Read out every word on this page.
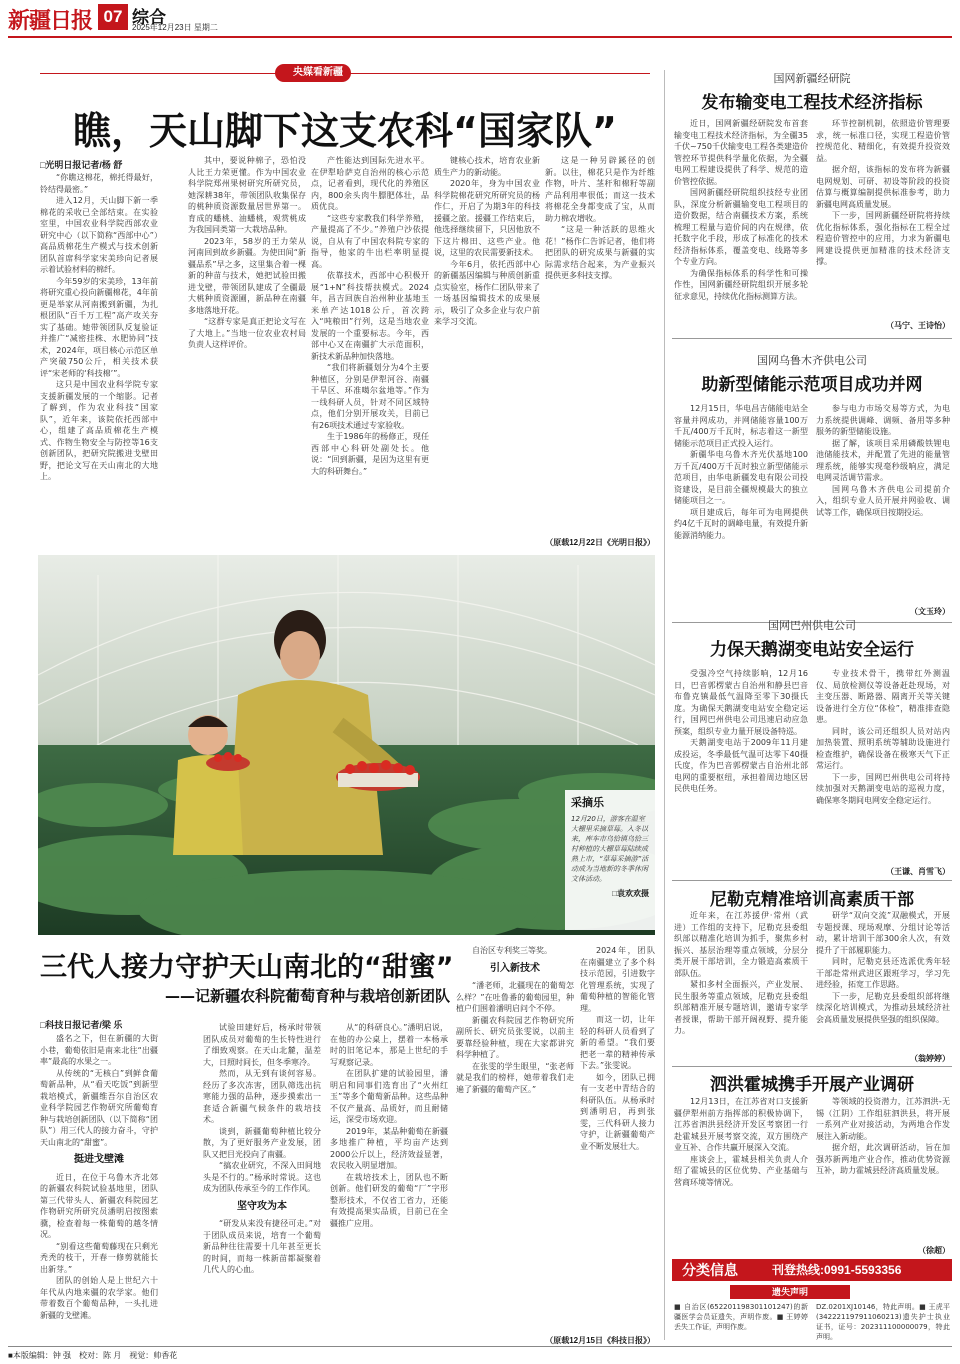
新疆日报 07 综合
2025年12月23日 星期二
央媒看新疆
瞧，天山脚下这支农科“国家队”
□光明日报记者/杨 舒

“你瞧这棉花，棉托得最好，铃结得最密。”

进入12月，天山脚下新一季棉花的采收已全部结束。在实验室里，中国农业科学院西部农业研究中心（以下简称“西部中心”）高品质棉花生产模式与技术创新团队首席科学家宋美珍向记者展示着试验材料的棉纤。

今年59岁的宋美珍，13年前将研究重心投向新疆棉花，4年前更是举家从河南搬到新疆，为扎根团队“百千万工程”高产攻关夯实了基础。她带领团队反复验证并推广“减密挂株、水肥协同”技术，2024年，项目核心示范区单产突破750公斤，相关技术获评“宋老师的‘科技棉’”。

这只是中国农业科学院专家支援新疆发展的一个缩影。记者了解到，作为农业科技“国家队”，近年来，该院依托西部中心，组建了高品质棉花生产模式、作物生物安全与防控等16支创新团队，把研究院搬进戈壁田野，把论文写在天山南北的大地上。

其中，要说种棉子，恐怕没人比王力荣更懂。作为中国农业科学院郑州果树研究所研究员，她深耕38年，带领团队收集保存的桃种质资源数量居世界第一。育成的蟠桃、油蟠桃，观赏桃成为我国同类第一大栽培品种。

2023年，58岁的王力荣从河南回到故乡新疆。为使田间“新疆品系”早之多，这里集合着一棵新的种苗与技术，她把试验田搬进戈壁，带领团队建成了全疆最大桃种质资源圃，新品种在南疆多地落地开花。

“这群专家是真正把论文写在了大地上。”当地一位农业农村局负责人这样评价。

产性能达到国际先进水平。在伊犁哈萨克自治州的核心示范点，记者看到，现代化的养殖区内，800余头肉牛膘肥体壮，品质优良。

“这些专家教我们科学养殖，产量提高了不少。”养殖户沙依提说，自从有了中国农科院专家的指导，他家的牛出栏率明显提高。

依靠技术，西部中心积极开展“1+N”科技帮扶模式。2024年，昌吉回族自治州种业基地玉米单产达1018公斤，首次跨入“吨粮田”行列，这是当地农业发展的一个重要标志。今年，西部中心又在南疆扩大示范面积，新技术新品种加快落地。

“我们将新疆划分为4个主要种植区，分别是伊犁河谷、南疆干旱区、环准噶尔盆地等。”作为一线科研人员，针对不同区域特点，他们分别开展攻关，目前已有26项技术通过专家验收。

生于1986年的杨修正，现任西部中心科研处副处长。他说：“回到新疆，是因为这里有更大的科研舞台。”

键核心技术，培育农业新质生产力的新动能。

2020年，身为中国农业科学院棉花研究所研究员的杨作仁，开启了为期3年的科技援疆之旅。援疆工作结束后，他选择继续留下，只因他放不下这片棉田、这些产业。他说，这里的农民需要新技术。

今年6月，依托西部中心的新疆基因编辑与种质创新重点实验室，杨作仁团队带来了一场基因编辑技术的成果展示，吸引了众多企业与农户前来学习交流。

这是一种另辟蹊径的创新。以往，棉花只是作为纤维作物，叶片、茎秆和棉籽等副产品利用率很低；而这一技术将棉花全身都变成了宝，从而助力棉农增收。

“这是一种活跃的思维火花！”杨作仁告诉记者，他们将把团队的研究成果与新疆的实际需求结合起来，为产业振兴提供更多科技支撑。

（原载12月22日《光明日报》）
采摘乐
12月20日，游客在温室大棚里采摘草莓。入冬以来，库车市乌恰镇乌恰三村种植的大棚草莓陆续成熟上市，“草莓采摘游”活动成为当地新的冬季休闲文体活动。
□袁欢欢摄
三代人接力守护天山南北的“甜蜜”
——记新疆农科院葡萄育种与栽培创新团队
□科技日报记者/梁 乐

盛名之下，但在新疆的大街小巷，葡萄依旧是南来北往“出疆率”最高的水果之一。

从传统的“无核白”到鲜食葡萄新品种，从“看天吃饭”到新型栽培模式，新疆维吾尔自治区农业科学院园艺作物研究所葡萄育种与栽培创新团队（以下简称“团队”）用三代人的接力奋斗，守护天山南北的“甜蜜”。

挺进戈壁滩

近日，在位于乌鲁木齐北郊的新疆农科院试验基地里，团队第三代带头人、新疆农科院园艺作物研究所研究员潘明启按图索骥，检查着每一株葡萄的越冬情况。

“别看这些葡萄藤现在只剩光秃秃的枝干，开春一修剪就能长出新芽。”

团队的创始人是上世纪六十年代从内地来疆的农学家。他们带着数百个葡萄品种，一头扎进新疆的戈壁滩。

试验田建好后，杨承时带领团队成员对葡萄的生长特性进行了细致观察。在天山北麓，温差大，日照时间长，但冬季寒冷。

然而，从无到有谈何容易。经历了多次冻害，团队筛选出抗寒能力强的品种，逐步摸索出一套适合新疆气候条件的栽培技术。

谈到，新疆葡萄种植比较分散，为了更好服务产业发展，团队又把目光投向了南疆。

“搞农业研究，不深入田间地头是不行的。”杨承时常说。这也成为团队传承至今的工作作风。

坚守攻为本

“研发从来没有捷径可走。”对于团队成员来说，培育一个葡萄新品种往往需要十几年甚至更长的时间，而每一株新苗都凝聚着几代人的心血。

从“的科研良心。”潘明启说，在他的办公桌上，摆着一本杨承时的旧笔记本，那是上世纪的手写观察记录。

在团队扩建的试验园里，潘明启和同事们选育出了“火州红玉”等多个葡萄新品种。这些品种不仅产量高、品质好，而且耐储运，深受市场欢迎。

2019年，某品种葡萄在新疆多地推广种植，平均亩产达到2000公斤以上，经济效益显著，农民收入明显增加。

在栽培技术上，团队也不断创新。他们研发的葡萄“厂”字形整形技术，不仅省工省力，还能有效提高果实品质，目前已在全疆推广应用。

自治区专利奖三等奖。

引入新技术

“潘老师，北疆现在的葡萄怎么样？”在吐鲁番的葡萄园里，种植户们围着潘明启问个不停。

新疆农科院园艺作物研究所副所长、研究员张雯说，以前主要靠经验种植，现在大家都讲究科学种植了。

在张雯的学生眼里，“张老师就是我们的榜样，她带着我们走遍了新疆的葡萄产区。”

2024年，团队在南疆建立了多个科技示范园，引进数字化管理系统，实现了葡萄种植的智能化管理。

而这一切，让年轻的科研人员看到了新的希望。“我们要把老一辈的精神传承下去。”张雯说。

如今，团队已拥有一支老中青结合的科研队伍。从杨承时到潘明启，再到张雯，三代科研人接力守护，让新疆葡萄产业不断发展壮大。

（原载12月15日《科技日报》）
国网新疆经研院
发布输变电工程技术经济指标

近日，国网新疆经研院发布首套输变电工程技术经济指标，为全疆35千伏~750千伏输变电工程各类建造价管控环节提供科学量化依据，为全疆电网工程建设提供了科学、规范的造价管控依据。

国网新疆经研院组织技经专业团队，深度分析新疆输变电工程项目的造价数据，结合南疆技术方案，系统梳理工程量与造价间的内在规律，依托数字化手段，形成了标准化的技术经济指标体系，覆盖变电、线路等多个专业方向。

为确保指标体系的科学性和可操作性，国网新疆经研院组织开展多轮征求意见，持续优化指标测算方法。

环节控制机制，依照造价管理要求，统一标准口径，实现工程造价管控规范化、精细化，有效提升投资效益。

据介绍，该指标的发布将为新疆电网规划、可研、初设等阶段的投资估算与概算编制提供标准参考，助力新疆电网高质量发展。

下一步，国网新疆经研院将持续优化指标体系，强化指标在工程全过程造价管控中的应用，力求为新疆电网建设提供更加精准的技术经济支撑。

（马宁、王诗怡）
国网乌鲁木齐供电公司
助新型储能示范项目成功并网

12月15日，华电昌吉储能电站全容量并网成功，并网储能容量100万千瓦/400万千瓦时，标志着这一新型储能示范项目正式投入运行。

新疆华电乌鲁木齐光伏基地100万千瓦/400万千瓦时独立新型储能示范项目，由华电新疆发电有限公司投资建设，是目前全疆规模最大的独立储能项目之一。

项目建成后，每年可为电网提供约4亿千瓦时的调峰电量，有效提升新能源消纳能力。

参与电力市场交易等方式，为电力系统提供调峰、调频、备用等多种服务的新型储能设施。

据了解，该项目采用磷酸铁锂电池储能技术，并配置了先进的能量管理系统，能够实现毫秒级响应，满足电网灵活调节需求。

国网乌鲁木齐供电公司提前介入，组织专业人员开展并网验收、调试等工作，确保项目按期投运。

（文玉玲）
国网巴州供电公司
力保天鹅湖变电站安全运行

受强冷空气持续影响，12月16日，巴音郭楞蒙古自治州和静县巴音布鲁克镇最低气温降至零下30摄氏度。为确保天鹅湖变电站安全稳定运行，国网巴州供电公司迅速启动应急预案，组织专业力量开展设备特巡。

天鹅湖变电站于2009年11月建成投运，冬季最低气温可达零下40摄氏度，作为巴音郭楞蒙古自治州北部电网的重要枢纽，承担着周边地区居民供电任务。

专业技术骨干，携带红外测温仪、局放检测仪等设备赶赴现场，对主变压器、断路器、隔离开关等关键设备进行全方位“体检”，精准排查隐患。

同时，该公司还组织人员对站内加热装置、照明系统等辅助设施进行检查维护，确保设备在极寒天气下正常运行。

下一步，国网巴州供电公司将持续加强对天鹅湖变电站的巡视力度，确保寒冬期间电网安全稳定运行。

（王谦、肖雪飞）
尼勒克精准培训高素质干部

近年来，在江苏援伊·常州（武进）工作组的支持下，尼勒克县委组织部以精准化培训为抓手，聚焦乡村振兴、基层治理等重点领域，分层分类开展干部培训，全力锻造高素质干部队伍。

紧扣多村全面振兴，产业发展、民生服务等重点领域，尼勒克县委组织部精准开展专题培训，邀请专家学者授课，帮助干部开阔视野、提升能力。

研学“双向交流”双融模式，开展专题授课、现场观摩、分组讨论等活动，累计培训干部300余人次，有效提升了干部履职能力。

同时，尼勒克县还选派优秀年轻干部赴常州武进区跟班学习，学习先进经验，拓宽工作思路。

下一步，尼勒克县委组织部将继续深化培训模式，为推动县域经济社会高质量发展提供坚强的组织保障。

（翁婷婷）
泗洪霍城携手开展产业调研

12月13日，在江苏省对口支援新疆伊犁州前方指挥部的积极协调下，江苏省泗洪县经济开发区考察团一行赴霍城县开展考察交流，双方围绕产业互补、合作共赢开展深入交流。

座谈会上，霍城县相关负责人介绍了霍城县的区位优势、产业基础与营商环境等情况。

等领域的投资潜力，江苏泗洪-无锡（江阴）工作组驻泗洪县，将开展一系列产业对接活动，为两地合作发展注入新动能。

据介绍，此次调研活动，旨在加强苏新两地产业合作，推动优势资源互补，助力霍城县经济高质量发展。

（徐超）
分类信息	刊登热线:0991-5593356
遗失声明
■ 自治区(652201198301101247)的新疆医学会员证遗失，声明作废。■ 王婷婷丢失工作证，声明作废。
DZ.0201XJ10146，特此声明。■ 王虎平(342221197911060213)遗失护士执业证书，证号：202311100000079，特此声明。
■本版编辑：钟 强　校对：陈 月　视觉：帅香花
